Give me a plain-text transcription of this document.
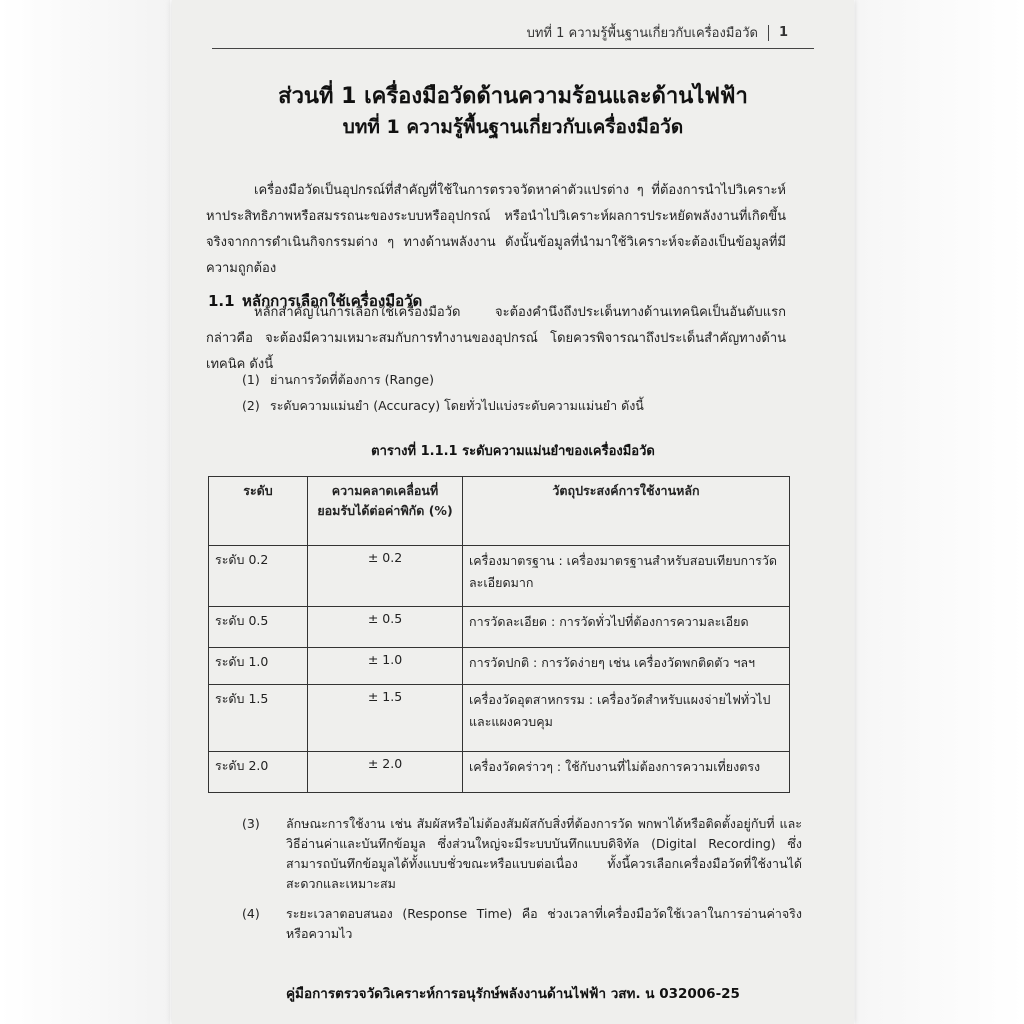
บทที่ 1 ความรู้พื้นฐานเกี่ยวกับเครื่องมือวัด 1
ส่วนที่ 1 เครื่องมือวัดด้านความร้อนและด้านไฟฟ้า
บทที่ 1 ความรู้พื้นฐานเกี่ยวกับเครื่องมือวัด
เครื่องมือวัดเป็นอุปกรณ์ที่สำคัญที่ใช้ในการตรวจวัดหาค่าตัวแปรต่าง ๆ ที่ต้องการนำไปวิเคราะห์หาประสิทธิภาพหรือสมรรถนะของระบบหรืออุปกรณ์ หรือนำไปวิเคราะห์ผลการประหยัดพลังงานที่เกิดขึ้นจริงจากการดำเนินกิจกรรมต่าง ๆ ทางด้านพลังงาน ดังนั้นข้อมูลที่นำมาใช้วิเคราะห์จะต้องเป็นข้อมูลที่มีความถูกต้อง
1.1 หลักการเลือกใช้เครื่องมือวัด
หลักสำคัญในการเลือกใช้เครื่องมือวัด จะต้องคำนึงถึงประเด็นทางด้านเทคนิคเป็นอันดับแรก กล่าวคือ จะต้องมีความเหมาะสมกับการทำงานของอุปกรณ์ โดยควรพิจารณาถึงประเด็นสำคัญทางด้านเทคนิค ดังนี้
(1) ย่านการวัดที่ต้องการ (Range)
(2) ระดับความแม่นยำ (Accuracy) โดยทั่วไปแบ่งระดับความแม่นยำ ดังนี้
ตารางที่ 1.1.1 ระดับความแม่นยำของเครื่องมือวัด
ระดับ	ความคลาดเคลื่อนที่ยอมรับได้ต่อค่าพิกัด (%)	วัตถุประสงค์การใช้งานหลัก
ระดับ 0.2	± 0.2	เครื่องมาตรฐาน : เครื่องมาตรฐานสำหรับสอบเทียบการวัดละเอียดมาก
ระดับ 0.5	± 0.5	การวัดละเอียด : การวัดทั่วไปที่ต้องการความละเอียด
ระดับ 1.0	± 1.0	การวัดปกติ : การวัดง่ายๆ เช่น เครื่องวัดพกติดตัว ฯลฯ
ระดับ 1.5	± 1.5	เครื่องวัดอุตสาหกรรม : เครื่องวัดสำหรับแผงจ่ายไฟทั่วไปและแผงควบคุม
ระดับ 2.0	± 2.0	เครื่องวัดคร่าวๆ : ใช้กับงานที่ไม่ต้องการความเที่ยงตรง
(3) ลักษณะการใช้งาน เช่น สัมผัสหรือไม่ต้องสัมผัสกับสิ่งที่ต้องการวัด พกพาได้หรือติดตั้งอยู่กับที่ และวิธีอ่านค่าและบันทึกข้อมูล ซึ่งส่วนใหญ่จะมีระบบบันทึกแบบดิจิทัล (Digital Recording) ซึ่งสามารถบันทึกข้อมูลได้ทั้งแบบชั่วขณะหรือแบบต่อเนื่อง ทั้งนี้ควรเลือกเครื่องมือวัดที่ใช้งานได้สะดวกและเหมาะสม
(4) ระยะเวลาตอบสนอง (Response Time) คือ ช่วงเวลาที่เครื่องมือวัดใช้เวลาในการอ่านค่าจริงหรือความไว
คู่มือการตรวจวัดวิเคราะห์การอนุรักษ์พลังงานด้านไฟฟ้า วสท. น 032006-25
